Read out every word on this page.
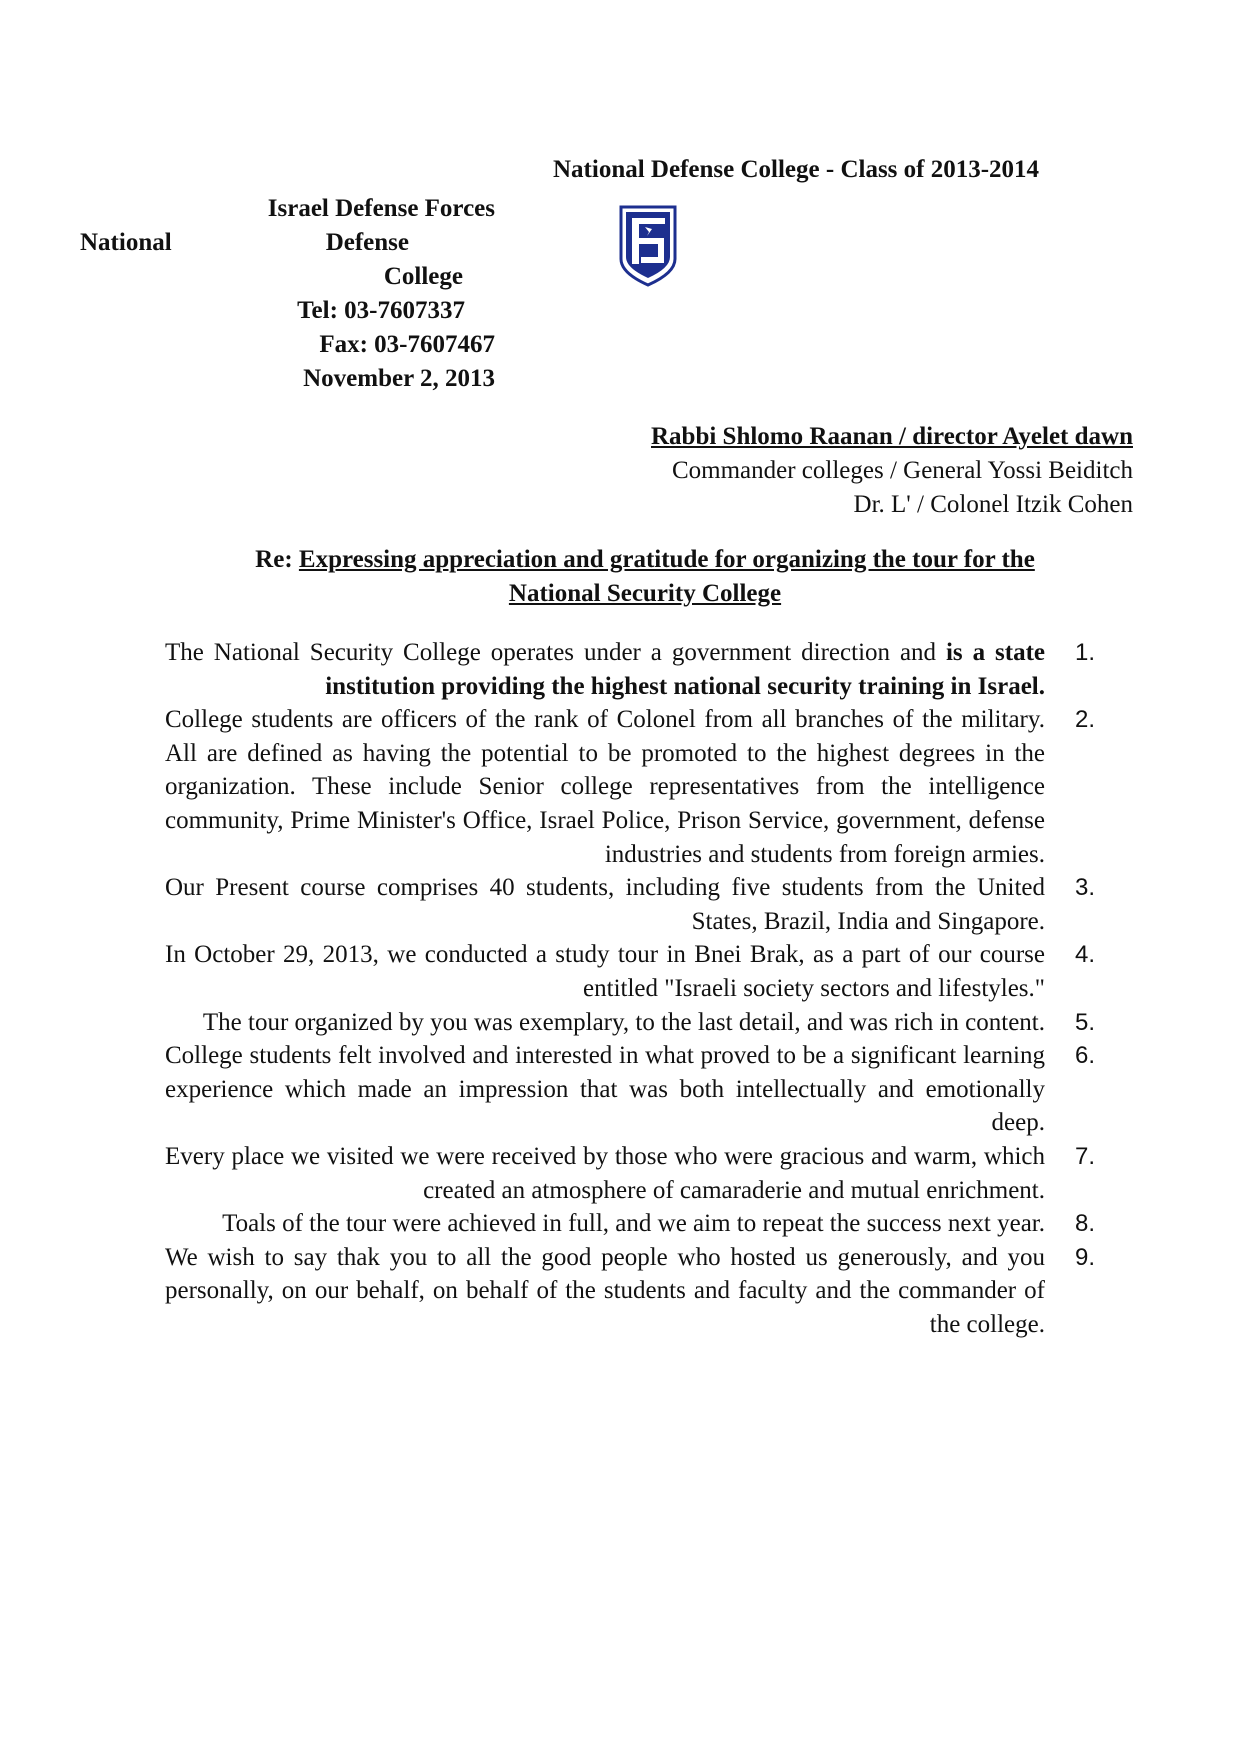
National Defense College - Class of 2013-2014
Israel Defense Forces
National	Defense
College
Tel: 03-7607337
Fax: 03-7607467
November 2, 2013
Rabbi Shlomo Raanan / director Ayelet dawn
Commander colleges / General Yossi Beiditch
Dr. L' / Colonel Itzik Cohen
Re: Expressing appreciation and gratitude for organizing the tour for the
National Security College
The National Security College operates under a government direction and is a state institution providing the highest national security training in Israel.
1.
College students are officers of the rank of Colonel from all branches of the military. All are defined as having the potential to be promoted to the highest degrees in the organization. These include Senior college representatives from the intelligence community, Prime Minister's Office, Israel Police, Prison Service, government, defense industries and students from foreign armies.
2.
Our Present course comprises 40 students, including five students from the United States, Brazil, India and Singapore.
3.
In October 29, 2013, we conducted a study tour in Bnei Brak, as a part of our course entitled "Israeli society sectors and lifestyles."
4.
The tour organized by you was exemplary, to the last detail, and was rich in content.	5.
College students felt involved and interested in what proved to be a significant learning experience which made an impression that was both intellectually and emotionally deep.
6.
Every place we visited we were received by those who were gracious and warm, which created an atmosphere of camaraderie and mutual enrichment.
7.
Toals of the tour were achieved in full, and we aim to repeat the success next year.	8.
We wish to say thak you to all the good people who hosted us generously, and you personally, on our behalf, on behalf of the students and faculty and the commander of the college.
9.
